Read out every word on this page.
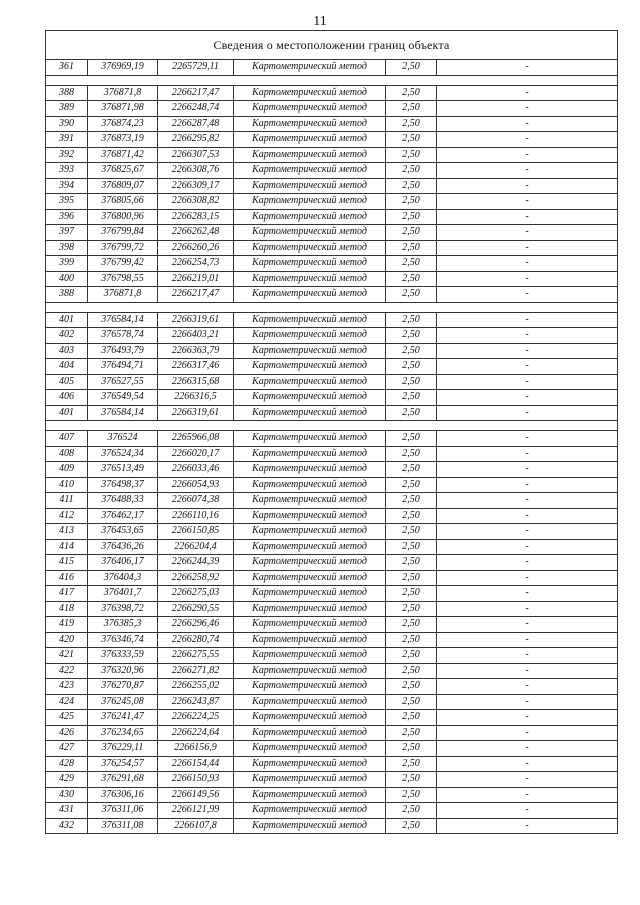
11
Сведения о местоположении границ объекта					
361	376969,19	2265729,11	Картометрический метод	2,50	-

388	376871,8	2266217,47	Картометрический метод	2,50	-
389	376871,98	2266248,74	Картометрический метод	2,50	-
390	376874,23	2266287,48	Картометрический метод	2,50	-
391	376873,19	2266295,82	Картометрический метод	2,50	-
392	376871,42	2266307,53	Картометрический метод	2,50	-
393	376825,67	2266308,76	Картометрический метод	2,50	-
394	376809,07	2266309,17	Картометрический метод	2,50	-
395	376805,66	2266308,82	Картометрический метод	2,50	-
396	376800,96	2266283,15	Картометрический метод	2,50	-
397	376799,84	2266262,48	Картометрический метод	2,50	-
398	376799,72	2266260,26	Картометрический метод	2,50	-
399	376799,42	2266254,73	Картометрический метод	2,50	-
400	376798,55	2266219,01	Картометрический метод	2,50	-
388	376871,8	2266217,47	Картометрический метод	2,50	-

401	376584,14	2266319,61	Картометрический метод	2,50	-
402	376578,74	2266403,21	Картометрический метод	2,50	-
403	376493,79	2266363,79	Картометрический метод	2,50	-
404	376494,71	2266317,46	Картометрический метод	2,50	-
405	376527,55	2266315,68	Картометрический метод	2,50	-
406	376549,54	2266316,5	Картометрический метод	2,50	-
401	376584,14	2266319,61	Картометрический метод	2,50	-

407	376524	2265966,08	Картометрический метод	2,50	-
408	376524,34	2266020,17	Картометрический метод	2,50	-
409	376513,49	2266033,46	Картометрический метод	2,50	-
410	376498,37	2266054,93	Картометрический метод	2,50	-
411	376488,33	2266074,38	Картометрический метод	2,50	-
412	376462,17	2266110,16	Картометрический метод	2,50	-
413	376453,65	2266150,85	Картометрический метод	2,50	-
414	376436,26	2266204,4	Картометрический метод	2,50	-
415	376406,17	2266244,39	Картометрический метод	2,50	-
416	376404,3	2266258,92	Картометрический метод	2,50	-
417	376401,7	2266275,03	Картометрический метод	2,50	-
418	376398,72	2266290,55	Картометрический метод	2,50	-
419	376385,3	2266296,46	Картометрический метод	2,50	-
420	376346,74	2266280,74	Картометрический метод	2,50	-
421	376333,59	2266275,55	Картометрический метод	2,50	-
422	376320,96	2266271,82	Картометрический метод	2,50	-
423	376270,87	2266255,02	Картометрический метод	2,50	-
424	376245,08	2266243,87	Картометрический метод	2,50	-
425	376241,47	2266224,25	Картометрический метод	2,50	-
426	376234,65	2266224,64	Картометрический метод	2,50	-
427	376229,11	2266156,9	Картометрический метод	2,50	-
428	376254,57	2266154,44	Картометрический метод	2,50	-
429	376291,68	2266150,93	Картометрический метод	2,50	-
430	376306,16	2266149,56	Картометрический метод	2,50	-
431	376311,06	2266121,99	Картометрический метод	2,50	-
432	376311,08	2266107,8	Картометрический метод	2,50	-
